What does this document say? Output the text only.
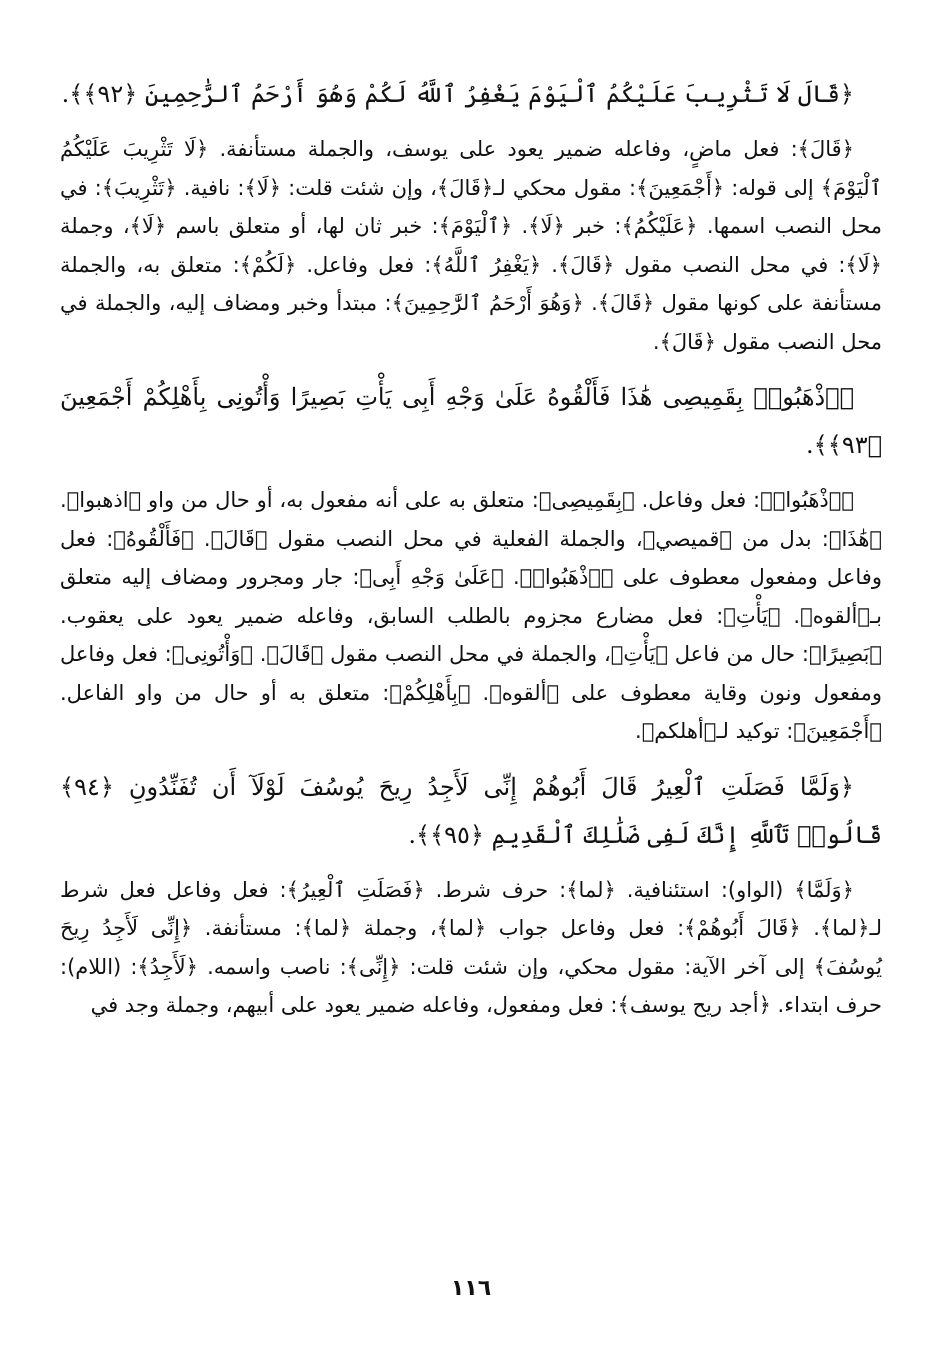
﴿قَالَ لَا تَثْرِيبَ عَلَيْكُمُ ٱلْيَوْمَ يَغْفِرُ ٱللَّهُ لَكُمْ وَهُوَ أَرْحَمُ ٱلرَّٰحِمِينَ ﴿٩٢﴾﴾.

﴿قَالَ﴾: فعل ماضٍ، وفاعله ضمير يعود على يوسف، والجملة مستأنفة. ﴿لَا تَثْرِيبَ عَلَيْكُمُ ٱلْيَوْمَ﴾ إلى قوله: ﴿أَجْمَعِينَ﴾: مقول محكي لـ﴿قَالَ﴾، وإن شئت قلت: ﴿لَا﴾: نافية. ﴿تَثْرِيبَ﴾: في محل النصب اسمها. ﴿عَلَيْكُمُ﴾: خبر ﴿لَا﴾. ﴿ٱلْيَوْمَ﴾: خبر ثان لها، أو متعلق باسم ﴿لَا﴾، وجملة ﴿لَا﴾: في محل النصب مقول ﴿قَالَ﴾. ﴿يَغْفِرُ ٱللَّهُ﴾: فعل وفاعل. ﴿لَكُمْ﴾: متعلق به، والجملة مستأنفة على كونها مقول ﴿قَالَ﴾. ﴿وَهُوَ أَرْحَمُ ٱلرَّٰحِمِينَ﴾: مبتدأ وخبر ومضاف إليه، والجملة في محل النصب مقول ﴿قَالَ﴾.

﴿ٱذْهَبُوا۟ بِقَمِيصِى هَٰذَا فَأَلْقُوهُ عَلَىٰ وَجْهِ أَبِى يَأْتِ بَصِيرًا وَأْتُونِى بِأَهْلِكُمْ أَجْمَعِينَ ﴿٩٣﴾﴾.

﴿ٱذْهَبُوا۟﴾: فعل وفاعل. ﴿بِقَمِيصِى﴾: متعلق به على أنه مفعول به، أو حال من واو ﴿اذهبوا﴾. ﴿هَٰذَا﴾: بدل من ﴿قميصي﴾، والجملة الفعلية في محل النصب مقول ﴿قَالَ﴾. ﴿فَأَلْقُوهُ﴾: فعل وفاعل ومفعول معطوف على ﴿ٱذْهَبُوا۟﴾. ﴿عَلَىٰ وَجْهِ أَبِى﴾: جار ومجرور ومضاف إليه متعلق بـ﴿ألقوه﴾. ﴿يَأْتِ﴾: فعل مضارع مجزوم بالطلب السابق، وفاعله ضمير يعود على يعقوب. ﴿بَصِيرًا﴾: حال من فاعل ﴿يَأْتِ﴾، والجملة في محل النصب مقول ﴿قَالَ﴾. ﴿وَأْتُونِى﴾: فعل وفاعل ومفعول ونون وقاية معطوف على ﴿ألقوه﴾. ﴿بِأَهْلِكُمْ﴾: متعلق به أو حال من واو الفاعل. ﴿أَجْمَعِينَ﴾: توكيد لـ﴿أهلكم﴾.

﴿وَلَمَّا فَصَلَتِ ٱلْعِيرُ قَالَ أَبُوهُمْ إِنِّى لَأَجِدُ رِيحَ يُوسُفَ لَوْلَآ أَن تُفَنِّدُونِ ﴿٩٤﴾ قَالُوا۟ تَٱللَّهِ إِنَّكَ لَفِى ضَلَٰلِكَ ٱلْقَدِيمِ ﴿٩٥﴾﴾.

﴿وَلَمَّا﴾ (الواو): استئنافية. ﴿لما﴾: حرف شرط. ﴿فَصَلَتِ ٱلْعِيرُ﴾: فعل وفاعل فعل شرط لـ﴿لما﴾. ﴿قَالَ أَبُوهُمْ﴾: فعل وفاعل جواب ﴿لما﴾، وجملة ﴿لما﴾: مستأنفة. ﴿إِنِّى لَأَجِدُ رِيحَ يُوسُفَ﴾ إلى آخر الآية: مقول محكي، وإن شئت قلت: ﴿إِنِّى﴾: ناصب واسمه. ﴿لَأَجِدُ﴾: (اللام): حرف ابتداء. ﴿أجد ريح يوسف﴾: فعل ومفعول، وفاعله ضمير يعود على أبيهم، وجملة وجد في

١١٦
